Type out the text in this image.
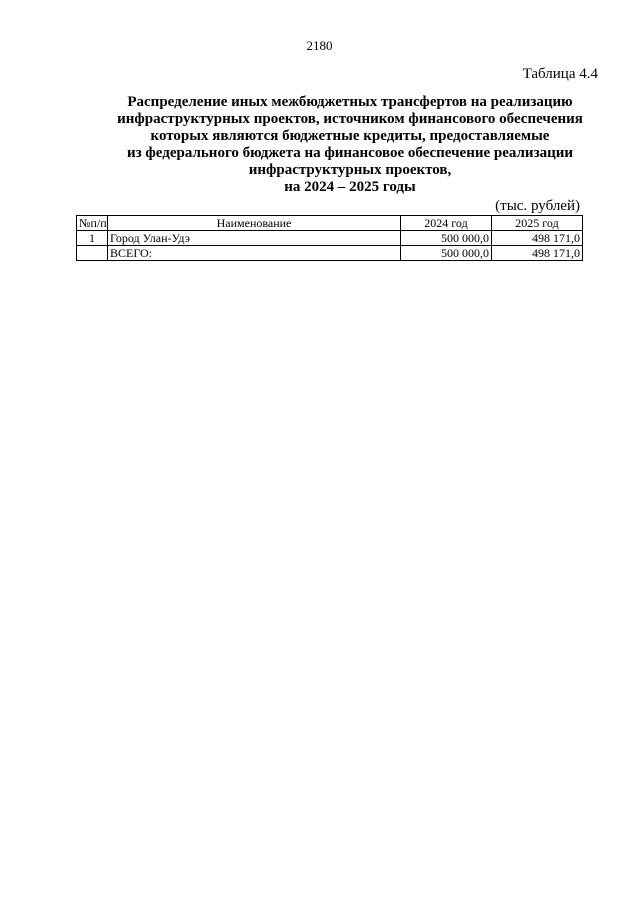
2180
Таблица 4.4
Распределение иных межбюджетных трансфертов на реализацию
инфраструктурных проектов, источником финансового обеспечения
которых являются бюджетные кредиты, предоставляемые
из федерального бюджета на финансовое обеспечение реализации
инфраструктурных проектов,
на 2024 – 2025 годы
(тыс. рублей)
№п/п	Наименование	2024 год	2025 год
1	Город Улан-Удэ	500 000,0	498 171,0
	ВСЕГО:	500 000,0	498 171,0
